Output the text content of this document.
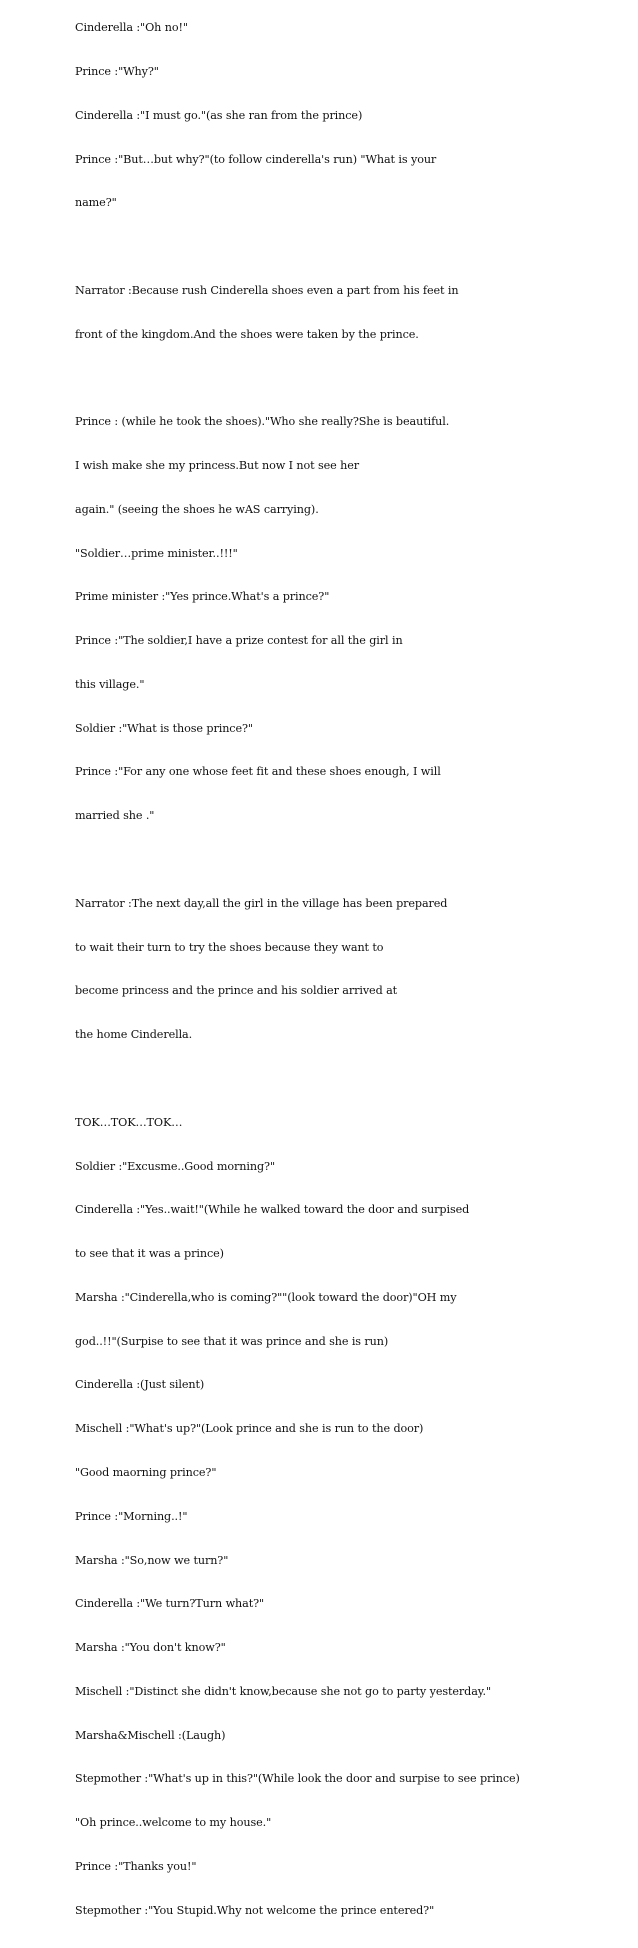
Cinderella :"Oh no!"

Prince :"Why?"

Cinderella :"I must go."(as she ran from the prince)

Prince :"But…but why?"(to follow cinderella's run) "What is your

name?"

Narrator :Because rush Cinderella shoes even a part from his feet in

front of the kingdom.And the shoes were taken by the prince.

Prince : (while he took the shoes)."Who she really?She is beautiful.

I wish make she my princess.But now I not see her

again." (seeing the shoes he wAS carrying).

"Soldier…prime minister..!!!"

Prime minister :"Yes prince.What's a prince?"

Prince :"The soldier,I have a prize contest for all the girl in

this village."

Soldier :"What is those prince?"

Prince :"For any one whose feet fit and these shoes enough, I will

married she ."

Narrator :The next day,all the girl in the village has been prepared

to wait their turn to try the shoes because they want to

become princess and the prince and his soldier arrived at

the home Cinderella.

TOK…TOK…TOK…

Soldier :"Excusme..Good morning?"

Cinderella :"Yes..wait!"(While he walked toward the door and surpised

to see that it was a prince)

Marsha :"Cinderella,who is coming?""(look toward the door)"OH my

god..!!"(Surpise to see that it was prince and she is run)

Cinderella :(Just silent)

Mischell :"What's up?"(Look prince and she is run to the door)

"Good maorning prince?"

Prince :"Morning..!"

Marsha :"So,now we turn?"

Cinderella :"We turn?Turn what?"

Marsha :"You don't know?"

Mischell :"Distinct she didn't know,because she not go to party yesterday."

Marsha&Mischell :(Laugh)

Stepmother :"What's up in this?"(While look the door and surpise to see prince)

"Oh prince..welcome to my house."

Prince :"Thanks you!"

Stepmother :"You Stupid.Why not welcome the prince entered?"
